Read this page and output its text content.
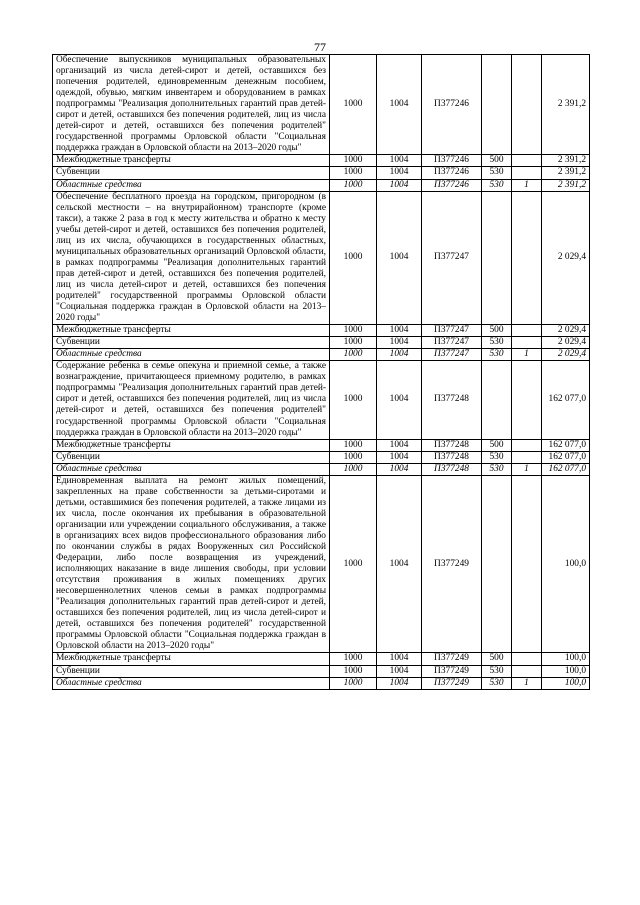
77
Обеспечение выпускников муниципальных образовательных организаций из числа детей-сирот и детей, оставшихся без попечения родителей, единовременным денежным пособием, одеждой, обувью, мягким инвентарем и оборудованием в рамках подпрограммы "Реализация дополнительных гарантий прав детей-сирот и детей, оставшихся без попечения родителей, лиц из числа детей-сирот и детей, оставшихся без попечения родителей" государственной программы Орловской области "Социальная поддержка граждан в Орловской области на 2013–2020 годы"	1000	1004	П377246			2 391,2
Межбюджетные трансферты	1000	1004	П377246	500		2 391,2
Субвенции	1000	1004	П377246	530		2 391,2
Областные средства	1000	1004	П377246	530	1	2 391,2
Обеспечение бесплатного проезда на городском, пригородном (в сельской местности – на внутрирайонном) транспорте (кроме такси), а также 2 раза в год к месту жительства и обратно к месту учебы детей-сирот и детей, оставшихся без попечения родителей, лиц из их числа, обучающихся в государственных областных, муниципальных образовательных организаций Орловской области, в рамках подпрограммы "Реализация дополнительных гарантий прав детей-сирот и детей, оставшихся без попечения родителей, лиц из числа детей-сирот и детей, оставшихся без попечения родителей" государственной программы Орловской области "Социальная поддержка граждан в Орловской области на 2013–2020 годы"	1000	1004	П377247			2 029,4
Межбюджетные трансферты	1000	1004	П377247	500		2 029,4
Субвенции	1000	1004	П377247	530		2 029,4
Областные средства	1000	1004	П377247	530	1	2 029,4
Содержание ребенка в семье опекуна и приемной семье, а также вознаграждение, причитающееся приемному родителю, в рамках подпрограммы "Реализация дополнительных гарантий прав детей-сирот и детей, оставшихся без попечения родителей, лиц из числа детей-сирот и детей, оставшихся без попечения родителей" государственной программы Орловской области "Социальная поддержка граждан в Орловской области на 2013–2020 годы"	1000	1004	П377248			162 077,0
Межбюджетные трансферты	1000	1004	П377248	500		162 077,0
Субвенции	1000	1004	П377248	530		162 077,0
Областные средства	1000	1004	П377248	530	1	162 077,0
Единовременная выплата на ремонт жилых помещений, закрепленных на праве собственности за детьми-сиротами и детьми, оставшимися без попечения родителей, а также лицами из их числа, после окончания их пребывания в образовательной организации или учреждении социального обслуживания, а также в организациях всех видов профессионального образования либо по окончании службы в рядах Вооруженных сил Российской Федерации, либо после возвращения из учреждений, исполняющих наказание в виде лишения свободы, при условии отсутствия проживания в жилых помещениях других несовершеннолетних членов семьи в рамках подпрограммы "Реализация дополнительных гарантий прав детей-сирот и детей, оставшихся без попечения родителей, лиц из числа детей-сирот и детей, оставшихся без попечения родителей" государственной программы Орловской области "Социальная поддержка граждан в Орловской области на 2013–2020 годы"	1000	1004	П377249			100,0
Межбюджетные трансферты	1000	1004	П377249	500		100,0
Субвенции	1000	1004	П377249	530		100,0
Областные средства	1000	1004	П377249	530	1	100,0
